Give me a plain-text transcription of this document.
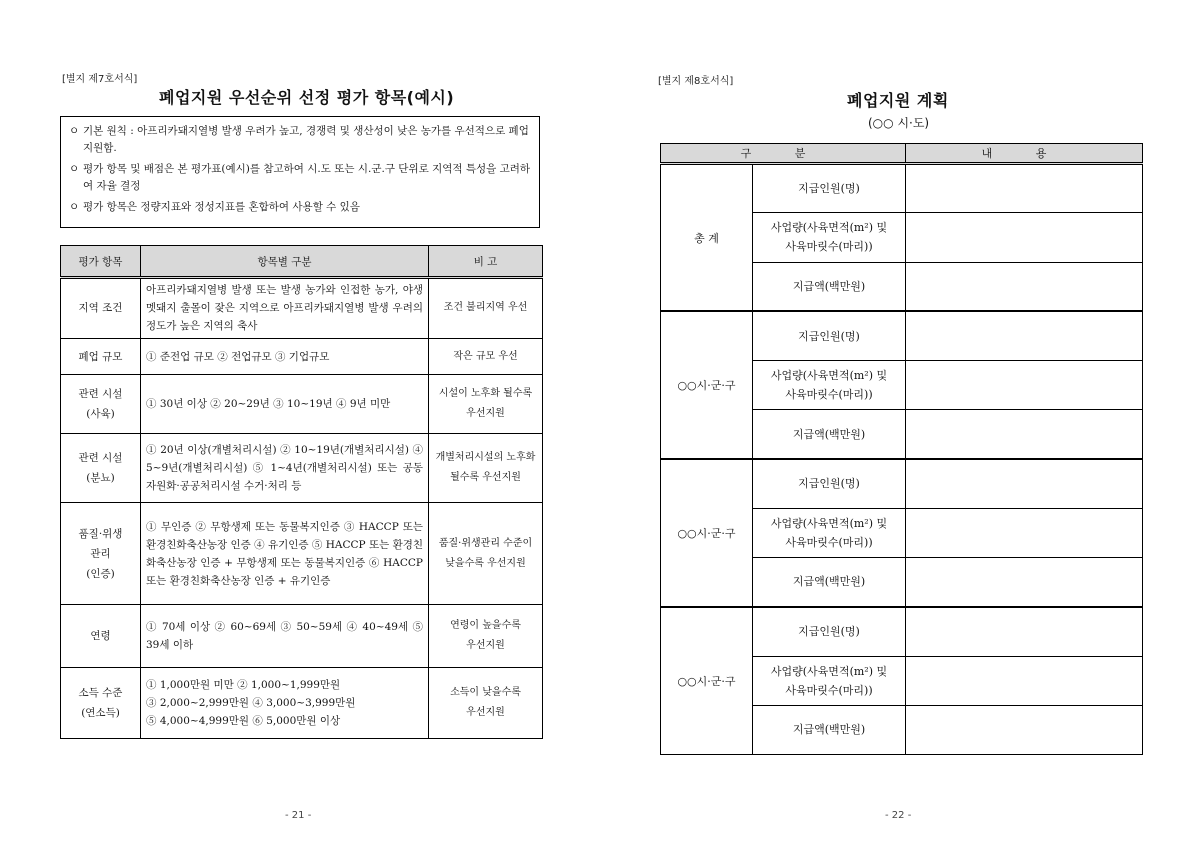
[별지 제7호서식]
폐업지원 우선순위 선정 평가 항목(예시)
ㅇ 기본 원칙 : 아프리카돼지열병 발생 우려가 높고, 경쟁력 및 생산성이 낮은 농가를 우선적으로 폐업 지원함.
ㅇ 평가 항목 및 배점은 본 평가표(예시)를 참고하여 시.도 또는 시.군.구 단위로 지역적 특성을 고려하여 자율 결정
ㅇ 평가 항목은 정량지표와 정성지표를 혼합하여 사용할 수 있음
평가 항목	항목별 구분	비 고
지역 조건	아프리카돼지열병 발생 또는 발생 농가와 인접한 농가, 야생 멧돼지 출몰이 잦은 지역으로 아프리카돼지열병 발생 우려의 정도가 높은 지역의 축사	조건 불리지역 우선
폐업 규모	① 준전업 규모 ② 전업규모 ③ 기업규모	작은 규모 우선
관련 시설
(사육)	① 30년 이상 ② 20~29년 ③ 10~19년 ④ 9년 미만	시설이 노후화 될수록
우선지원
관련 시설
(분뇨)	① 20년 이상(개별처리시설) ② 10~19년(개별처리시설) ④ 5~9년(개별처리시설) ⑤ 1~4년(개별처리시설) 또는 공동자원화·공공처리시설 수거·처리 등	개별처리시설의 노후화
될수록 우선지원
품질·위생
관리
(인증)	① 무인증 ② 무항생제 또는 동물복지인증 ③ HACCP 또는 환경친화축산농장 인증 ④ 유기인증 ⑤ HACCP 또는 환경친화축산농장 인증 + 무항생제 또는 동물복지인증 ⑥ HACCP 또는 환경친화축산농장 인증 + 유기인증	품질·위생관리 수준이
낮을수록 우선지원
연령	① 70세 이상 ② 60~69세 ③ 50~59세 ④ 40~49세 ⑤ 39세 이하	연령이 높을수록
우선지원
소득 수준
(연소득)	① 1,000만원 미만 ② 1,000~1,999만원
③ 2,000~2,999만원 ④ 3,000~3,999만원
⑤ 4,000~4,999만원 ⑥ 5,000만원 이상	소득이 낮을수록
우선지원
- 21 -
[별지 제8호서식]
폐업지원 계획
(○○ 시·도)
- 22 -
구 분		내 용
총 계	지급인원(명)	
	사업량(사육면적(m²) 및
사육마릿수(마리))	
	지급액(백만원)	
○○시·군·구	지급인원(명)	
	사업량(사육면적(m²) 및
사육마릿수(마리))	
	지급액(백만원)	
○○시·군·구	지급인원(명)	
	사업량(사육면적(m²) 및
사육마릿수(마리))	
	지급액(백만원)	
○○시·군·구	지급인원(명)	
	사업량(사육면적(m²) 및
사육마릿수(마리))	
	지급액(백만원)	
